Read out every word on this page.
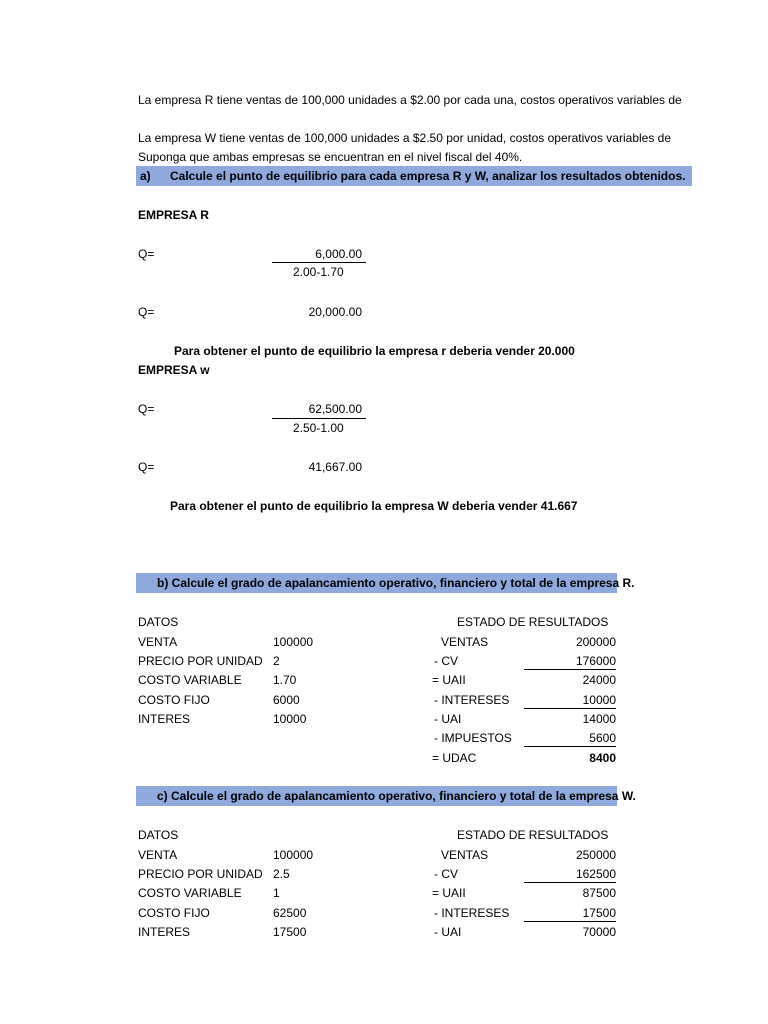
La empresa R tiene ventas de 100,000 unidades a $2.00 por cada una, costos operativos variables de
La empresa W tiene ventas de 100,000 unidades a $2.50 por unidad, costos operativos variables de
Suponga que ambas empresas se encuentran en el nivel fiscal del 40%.
a) Calcule el punto de equilibrio para cada empresa R y W, analizar los resultados obtenidos.
EMPRESA R
Q=	6,000.00
2.00-1.70
Q=	20,000.00
Para obtener el punto de equilibrio la empresa r deberia vender 20.000
EMPRESA w
Q=	62,500.00
2.50-1.00
Q=	41,667.00
Para obtener el punto de equilibrio la empresa W deberia vender 41.667
b) Calcule el grado de apalancamiento operativo, financiero y total de la empresa R.
DATOS
VENTA	100000
PRECIO POR UNIDAD 2
COSTO VARIABLE	1.70
COSTO FIJO	6000
INTERES	10000
ESTADO DE RESULTADOS
VENTAS	200000
- CV	176000
= UAII	24000
- INTERESES	10000
- UAI	14000
- IMPUESTOS	5600
= UDAC	8400
c) Calcule el grado de apalancamiento operativo, financiero y total de la empresa W.
DATOS
VENTA	100000
PRECIO POR UNIDAD 2.5
COSTO VARIABLE	1
COSTO FIJO	62500
INTERES	17500
ESTADO DE RESULTADOS
VENTAS	250000
- CV	162500
= UAII	87500
- INTERESES	17500
- UAI	70000
